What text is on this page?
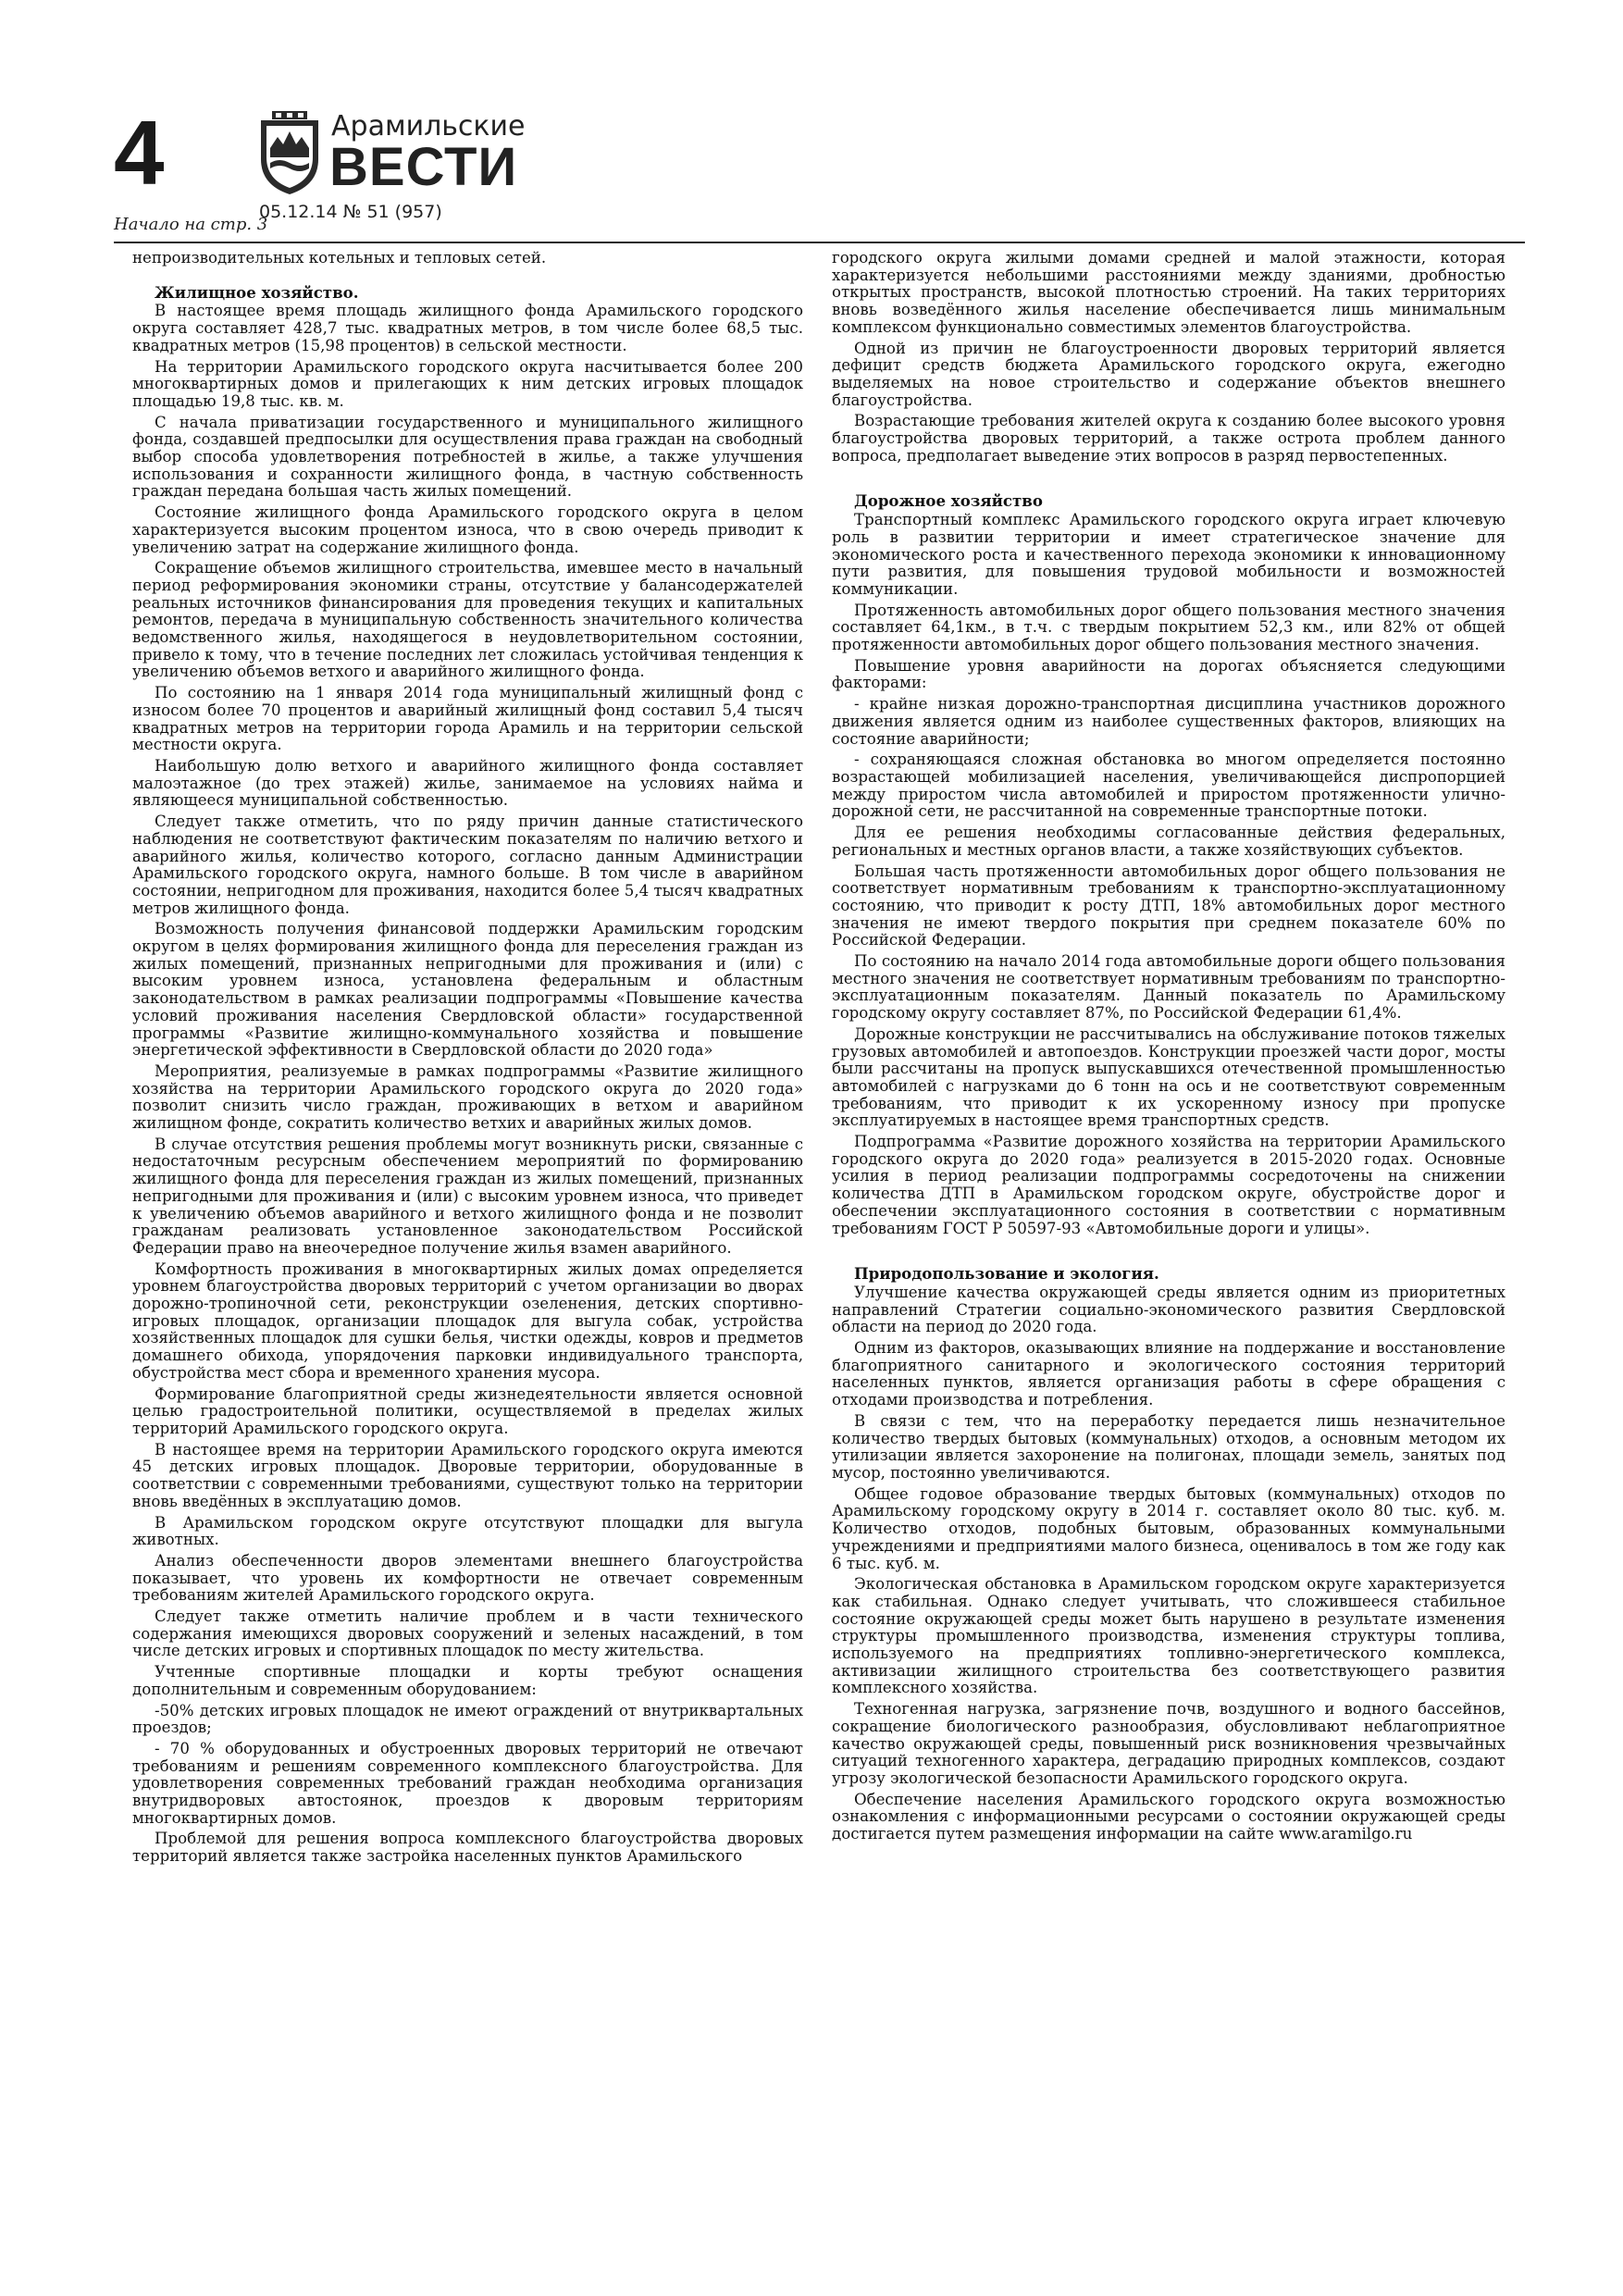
4	Арамильские
ВЕСТИ
05.12.14 № 51 (957)
Начало на стр. 3

непроизводительных котельных и тепловых сетей.

Жилищное хозяйство.

В настоящее время площадь жилищного фонда Арамильского городского округа составляет 428,7 тыс. квадратных метров, в том числе более 68,5 тыс. квадратных метров (15,98 процентов) в сельской местности.

На территории Арамильского городского округа насчитывается более 200 многоквартирных домов и прилегающих к ним детских игровых площадок площадью 19,8 тыс. кв. м.

С начала приватизации государственного и муниципального жилищного фонда, создавшей предпосылки для осуществления права граждан на свободный выбор способа удовлетворения потребностей в жилье, а также улучшения использования и сохранности жилищного фонда, в частную собственность граждан передана большая часть жилых помещений.

Состояние жилищного фонда Арамильского городского округа в целом характеризуется высоким процентом износа, что в свою очередь приводит к увеличению затрат на содержание жилищного фонда.

Сокращение объемов жилищного строительства, имевшее место в начальный период реформирования экономики страны, отсутствие у балансодержателей реальных источников финансирования для проведения текущих и капитальных ремонтов, передача в муниципальную собственность значительного количества ведомственного жилья, находящегося в неудовлетворительном состоянии, привело к тому, что в течение последних лет сложилась устойчивая тенденция к увеличению объемов ветхого и аварийного жилищного фонда.

По состоянию на 1 января 2014 года муниципальный жилищный фонд с износом более 70 процентов и аварийный жилищный фонд составил 5,4 тысяч квадратных метров на территории города Арамиль и на территории сельской местности округа.

Наибольшую долю ветхого и аварийного жилищного фонда составляет малоэтажное (до трех этажей) жилье, занимаемое на условиях найма и являющееся муниципальной собственностью.

Следует также отметить, что по ряду причин данные статистического наблюдения не соответствуют фактическим показателям по наличию ветхого и аварийного жилья, количество которого, согласно данным Администрации Арамильского городского округа, намного больше. В том числе в аварийном состоянии, непригодном для проживания, находится более 5,4 тысяч квадратных метров жилищного фонда.

Возможность получения финансовой поддержки Арамильским городским округом в целях формирования жилищного фонда для переселения граждан из жилых помещений, признанных непригодными для проживания и (или) с высоким уровнем износа, установлена федеральным и областным законодательством в рамках реализации подпрограммы «Повышение качества условий проживания населения Свердловской области» государственной программы «Развитие жилищно-коммунального хозяйства и повышение энергетической эффективности в Свердловской области до 2020 года»

Мероприятия, реализуемые в рамках подпрограммы «Развитие жилищного хозяйства на территории Арамильского городского округа до 2020 года» позволит снизить число граждан, проживающих в ветхом и аварийном жилищном фонде, сократить количество ветхих и аварийных жилых домов.

В случае отсутствия решения проблемы могут возникнуть риски, связанные с недостаточным ресурсным обеспечением мероприятий по формированию жилищного фонда для переселения граждан из жилых помещений, признанных непригодными для проживания и (или) с высоким уровнем износа, что приведет к увеличению объемов аварийного и ветхого жилищного фонда и не позволит гражданам реализовать установленное законодательством Российской Федерации право на внеочередное получение жилья взамен аварийного.

Комфортность проживания в многоквартирных жилых домах определяется уровнем благоустройства дворовых территорий с учетом организации во дворах дорожно-тропиночной сети, реконструкции озеленения, детских спортивно-игровых площадок, организации площадок для выгула собак, устройства хозяйственных площадок для сушки белья, чистки одежды, ковров и предметов домашнего обихода, упорядочения парковки индивидуального транспорта, обустройства мест сбора и временного хранения мусора.

Формирование благоприятной среды жизнедеятельности является основной целью градостроительной политики, осуществляемой в пределах жилых территорий Арамильского городского округа.

В настоящее время на территории Арамильского городского округа имеются 45 детских игровых площадок. Дворовые территории, оборудованные в соответствии с современными требованиями, существуют только на территории вновь введённых в эксплуатацию домов.

В Арамильском городском округе отсутствуют площадки для выгула животных.

Анализ обеспеченности дворов элементами внешнего благоустройства показывает, что уровень их комфортности не отвечает современным требованиям жителей Арамильского городского округа.

Следует также отметить наличие проблем и в части технического содержания имеющихся дворовых сооружений и зеленых насаждений, в том числе детских игровых и спортивных площадок по месту жительства.

Учтенные спортивные площадки и корты требуют оснащения дополнительным и современным оборудованием:

-50% детских игровых площадок не имеют ограждений от внутриквартальных проездов;

- 70 % оборудованных и обустроенных дворовых территорий не отвечают требованиям и решениям современного комплексного благоустройства. Для удовлетворения современных требований граждан необходима организация внутридворовых автостоянок, проездов к дворовым территориям многоквартирных домов.

Проблемой для решения вопроса комплексного благоустройства дворовых территорий является также застройка населенных пунктов Арамильского

городского округа жилыми домами средней и малой этажности, которая характеризуется небольшими расстояниями между зданиями, дробностью открытых пространств, высокой плотностью строений. На таких территориях вновь возведённого жилья население обеспечивается лишь минимальным комплексом функционально совместимых элементов благоустройства.

Одной из причин не благоустроенности дворовых территорий является дефицит средств бюджета Арамильского городского округа, ежегодно выделяемых на новое строительство и содержание объектов внешнего благоустройства.

Возрастающие требования жителей округа к созданию более высокого уровня благоустройства дворовых территорий, а также острота проблем данного вопроса, предполагает выведение этих вопросов в разряд первостепенных.

Дорожное хозяйство

Транспортный комплекс Арамильского городского округа играет ключевую роль в развитии территории и имеет стратегическое значение для экономического роста и качественного перехода экономики к инновационному пути развития, для повышения трудовой мобильности и возможностей коммуникации.

Протяженность автомобильных дорог общего пользования местного значения составляет 64,1км., в т.ч. с твердым покрытием 52,3 км., или 82% от общей протяженности автомобильных дорог общего пользования местного значения.

Повышение уровня аварийности на дорогах объясняется следующими факторами:

- крайне низкая дорожно-транспортная дисциплина участников дорожного движения является одним из наиболее существенных факторов, влияющих на состояние аварийности;

- сохраняющаяся сложная обстановка во многом определяется постоянно возрастающей мобилизацией населения, увеличивающейся диспропорцией между приростом числа автомобилей и приростом протяженности улично-дорожной сети, не рассчитанной на современные транспортные потоки.

Для ее решения необходимы согласованные действия федеральных, региональных и местных органов власти, а также хозяйствующих субъектов.

Большая часть протяженности автомобильных дорог общего пользования не соответствует нормативным требованиям к транспортно-эксплуатационному состоянию, что приводит к росту ДТП, 18% автомобильных дорог местного значения не имеют твердого покрытия при среднем показателе 60% по Российской Федерации.

По состоянию на начало 2014 года автомобильные дороги общего пользования местного значения не соответствует нормативным требованиям по транспортно-эксплуатационным показателям. Данный показатель по Арамильскому городскому округу составляет 87%, по Российской Федерации 61,4%.

Дорожные конструкции не рассчитывались на обслуживание потоков тяжелых грузовых автомобилей и автопоездов. Конструкции проезжей части дорог, мосты были рассчитаны на пропуск выпускавшихся отечественной промышленностью автомобилей с нагрузками до 6 тонн на ось и не соответствуют современным требованиям, что приводит к их ускоренному износу при пропуске эксплуатируемых в настоящее время транспортных средств.

Подпрограмма «Развитие дорожного хозяйства на территории Арамильского городского округа до 2020 года» реализуется в 2015-2020 годах. Основные усилия в период реализации подпрограммы сосредоточены на снижении количества ДТП в Арамильском городском округе, обустройстве дорог и обеспечении эксплуатационного состояния в соответствии с нормативным требованиям ГОСТ Р 50597-93 «Автомобильные дороги и улицы».

Природопользование и экология.

Улучшение качества окружающей среды является одним из приоритетных направлений Стратегии социально-экономического развития Свердловской области на период до 2020 года.

Одним из факторов, оказывающих влияние на поддержание и восстановление благоприятного санитарного и экологического состояния территорий населенных пунктов, является организация работы в сфере обращения с отходами производства и потребления.

В связи с тем, что на переработку передается лишь незначительное количество твердых бытовых (коммунальных) отходов, а основным методом их утилизации является захоронение на полигонах, площади земель, занятых под мусор, постоянно увеличиваются.

Общее годовое образование твердых бытовых (коммунальных) отходов по Арамильскому городскому округу в 2014 г. составляет около 80 тыс. куб. м. Количество отходов, подобных бытовым, образованных коммунальными учреждениями и предприятиями малого бизнеса, оценивалось в том же году как 6 тыс. куб. м.

Экологическая обстановка в Арамильском городском округе характеризуется как стабильная. Однако следует учитывать, что сложившееся стабильное состояние окружающей среды может быть нарушено в результате изменения структуры промышленного производства, изменения структуры топлива, используемого на предприятиях топливно-энергетического комплекса, активизации жилищного строительства без соответствующего развития комплексного хозяйства.

Техногенная нагрузка, загрязнение почв, воздушного и водного бассейнов, сокращение биологического разнообразия, обусловливают неблагоприятное качество окружающей среды, повышенный риск возникновения чрезвычайных ситуаций техногенного характера, деградацию природных комплексов, создают угрозу экологической безопасности Арамильского городского округа.

Обеспечение населения Арамильского городского округа возможностью ознакомления с информационными ресурсами о состоянии окружающей среды достигается путем размещения информации на сайте www.aramilgo.ru
